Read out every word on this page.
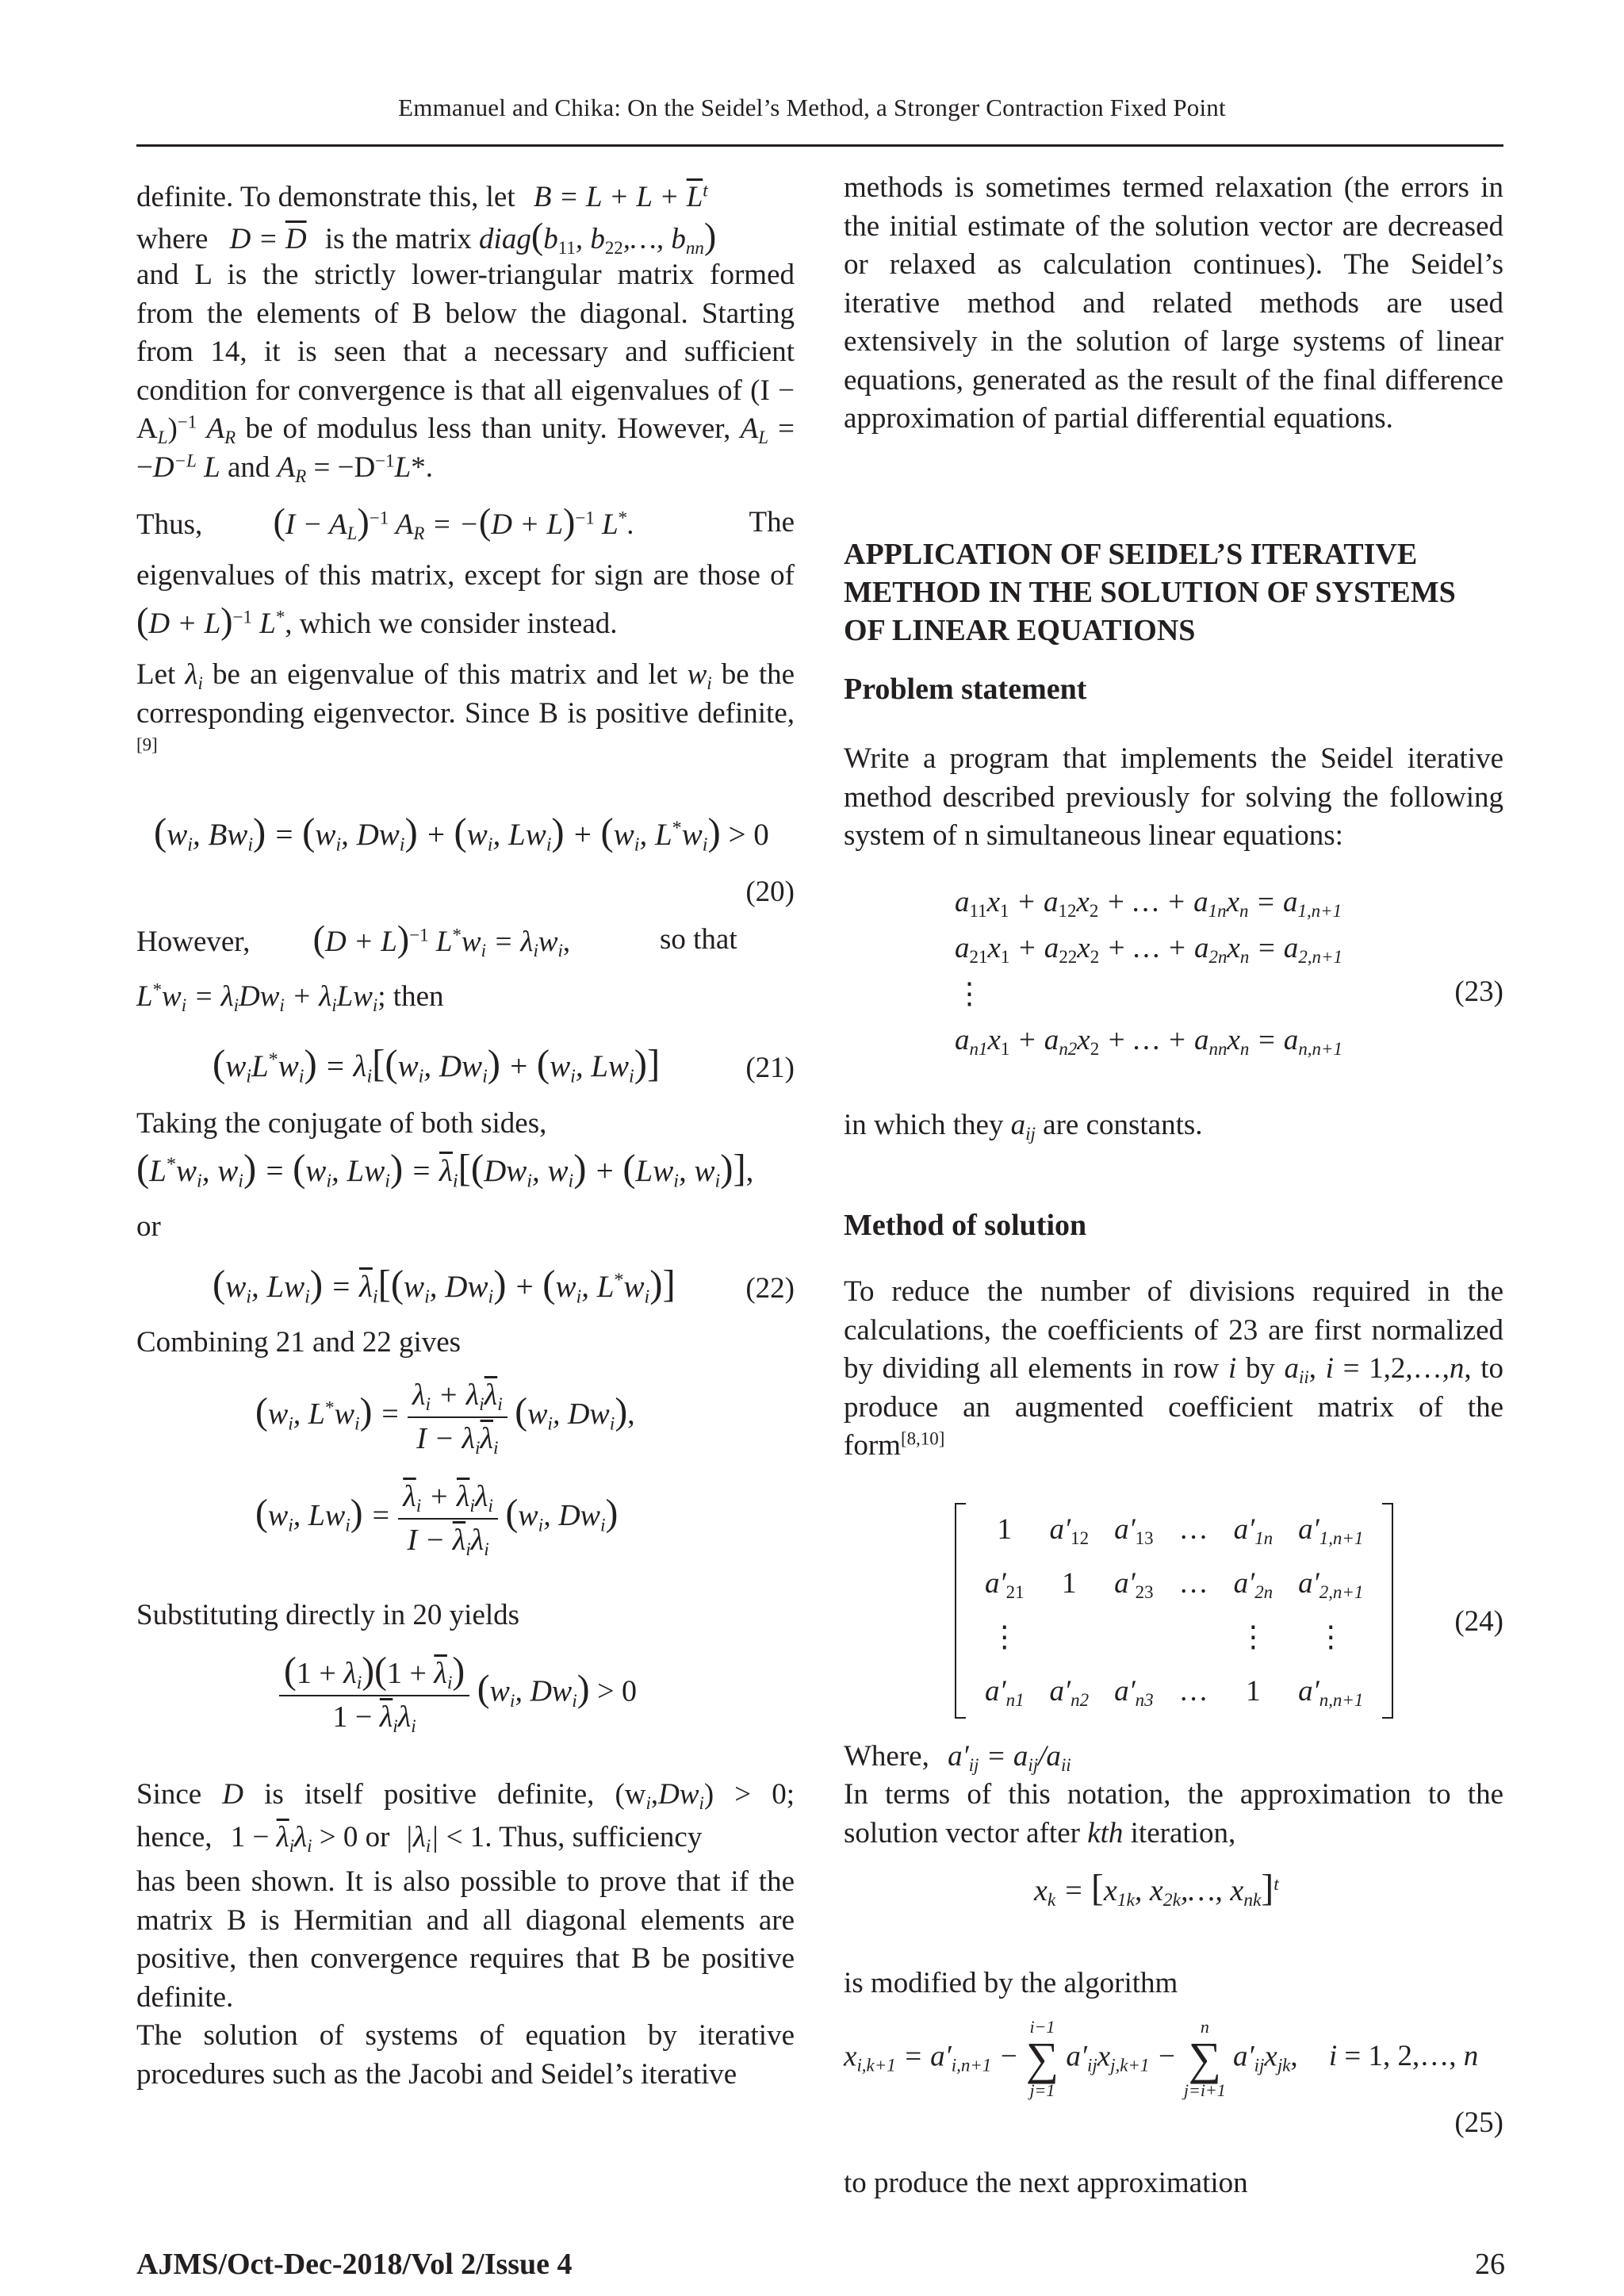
Emmanuel and Chika: On the Seidel’s Method, a Stronger Contraction Fixed Point
definite. To demonstrate this, let $B = L + L + \overline{L}^t$
where $D = \overline{D}$ is the matrix $diag(b_{11}$, $b_{22},\dots$, $b_{nn}$)

and L is the strictly lower-triangular matrix formed from the elements of B below the diagonal. Starting from 14, it is seen that a necessary and sufficient condition for convergence is that all eigenvalues of $(I - A_L)^{-1}$ $A_R$ be of modulus less than unity. However, $A_L = -D^{-L}$ L and $A_R = -D^{-1}L*$.

Thus, $(I - A_L)^{-1}$ $A_R = -(D + L)^{-1}$ L*.	The

eigenvalues of this matrix, except for sign are those of $(D + L)^{-1}$ L*, which we consider instead.

Let $\lambda_i$ be an eigenvalue of this matrix and let $w_i$ be the corresponding eigenvector. Since B is positive definite,[9]

($w_i$, $Bw_i) = (w_i$, $Dw_i) + (w_i$, $Lw_i) + (w_i$, $L^*w_i) > 0$
(20)
However, $(D + L)^{-1}$ $L^*w_i = \lambda_iw_i$,	so that
$L^*w_i = \lambda_iDw_i + \lambda_iLw_i$; then
$(w_iL^*w_i) = \lambda_i[(w_i$, $Dw_i) + (w_i$, $Lw_i$)]	(21)
Taking the conjugate of both sides,
($L^*w_i$, $w_i) = (w_i$, $Lw_i) = \overline{\lambda}_i[(Dw_i$, $w_i) + (Lw_i$, $w_i$)],
or
($w_i$, $Lw_i) = \overline{\lambda}_i[(w_i$, $Dw_i) + (w_i$, $L^*w_i$)] (22)
Combining 21 and 22 gives
($w_i$, $L^*w_i) = \frac{\lambda_i + \lambda_i\overline{\lambda}_i}{I - \lambda_i\overline{\lambda}_i} (w_i$, $Dw_i$),
($w_i$, $Lw_i) = \frac{\overline{\lambda}_i + \overline{\lambda}_i\lambda_i}{I - \overline{\lambda}_i\lambda_i} (w_i$, $Dw_i$)
Substituting directly in 20 yields
$\frac{(1 + \lambda_i)(1 + \overline{\lambda}_i)}{1 - \overline{\lambda}_i\lambda_i} (w_i$, $Dw_i) > 0$

Since D is itself positive definite, $(w_i,Dw_i) > 0$;

hence, $1 - \overline{\lambda}_i\lambda_i > 0$ or $|\lambda_i| < 1$. Thus, sufficiency

has been shown. It is also possible to prove that if the matrix B is Hermitian and all diagonal elements are positive, then convergence requires that B be positive definite.

The solution of systems of equation by iterative procedures such as the Jacobi and Seidel’s iterative

methods is sometimes termed relaxation (the errors in the initial estimate of the solution vector are decreased or relaxed as calculation continues). The Seidel’s iterative method and related methods are used extensively in the solution of large systems of linear equations, generated as the result of the final difference approximation of partial differential equations.

APPLICATION OF SEIDEL’S ITERATIVE METHOD IN THE SOLUTION OF SYSTEMS OF LINEAR EQUATIONS

Problem statement

Write a program that implements the Seidel iterative method described previously for solving the following system of n simultaneous linear equations:

$a_{11}x_1 + a_{12}x_2$ + … + $a_{1n}x_n = a_{1,n+1}$
$a_{21}x_1 + a_{22}x_2$ + … + $a_{2n}x_n = a_{2,n+1}$
⋮
$a_{n1}x_1 + a_{n2}x_2$ + … + $a_{nn}x_n = a_{n,n+1}$
(23)
in which they $a_{ij}$ are constants.

Method of solution

To reduce the number of divisions required in the calculations, the coefficients of 23 are first normalized by dividing all elements in row i by $a_{ii}$, i = 1,2,…,n, to produce an augmented coefficient matrix of the form[8,10]

1	$a'_{12}$	$a'_{13}$	…	$a'_{1n}$	$a'_{1,n+1}$
$a'_{21}$	1	$a'_{23}$	…	$a'_{2n}$	$a'_{2,n+1}$
⋮				⋮	⋮
$a'_{n1}$	$a'_{n2}$	$a'_{n3}$	…	1	$a'_{n,n+1}$
(24)
Where, $a'_{ij} = a_{ij}/a_{ii}$

In terms of this notation, the approximation to the solution vector after kth iteration,

$x_k = [x_{1k}$, $x_{2k},\dots$, $x_{nk}]^t$
is modified by the algorithm
$x_{i,k+1} = a'_{i,n+1}$ −
i−1
∑
j=1
$a'_{ij}x_{j,k+1}$ −
n
∑
j=i+1
$a'_{ij}x_{jk}$, i = 1, 2,…, n
(25)
to produce the next approximation
AJMS/Oct-Dec-2018/Vol 2/Issue 4	26
